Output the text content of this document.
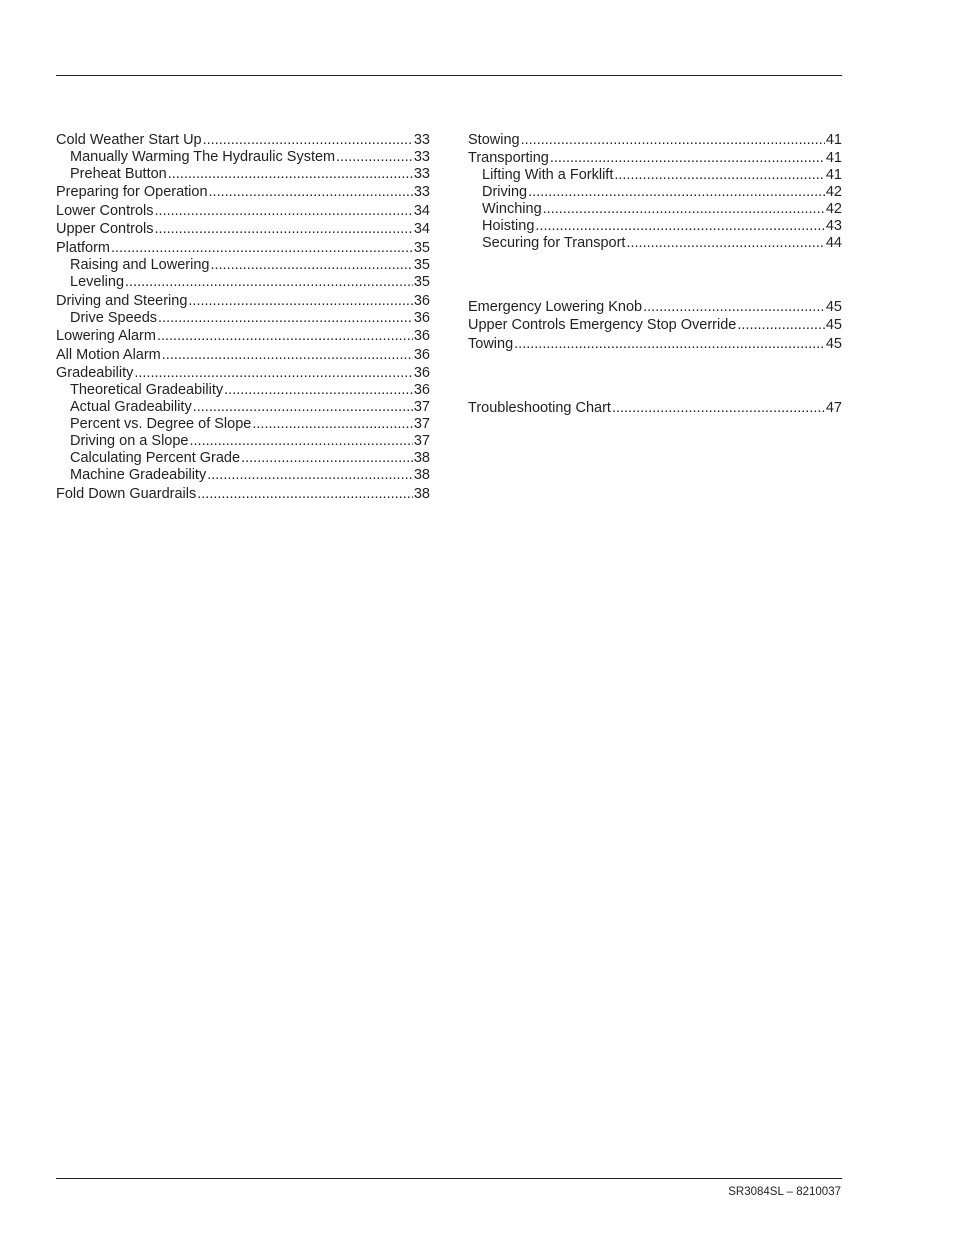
Cold Weather Start Up .....	33
Manually Warming The Hydraulic System .....	33
Preheat Button .....	33
Preparing for Operation .....	33
Lower Controls .....	34
Upper Controls .....	34
Platform .....	35
Raising and Lowering .....	35
Leveling .....	35
Driving and Steering .....	36
Drive Speeds .....	36
Lowering Alarm .....	36
All Motion Alarm .....	36
Gradeability .....	36
Theoretical Gradeability .....	36
Actual Gradeability .....	37
Percent vs. Degree of Slope .....	37
Driving on a Slope .....	37
Calculating Percent Grade .....	38
Machine Gradeability .....	38
Fold Down Guardrails .....	38
Stowing .....	41
Transporting .....	41
Lifting With a Forklift .....	41
Driving .....	42
Winching .....	42
Hoisting .....	43
Securing for Transport .....	44
Emergency Lowering Knob .....	45
Upper Controls Emergency Stop Override .....	45
Towing .....	45
Troubleshooting Chart .....	47
SR3084SL – 8210037
